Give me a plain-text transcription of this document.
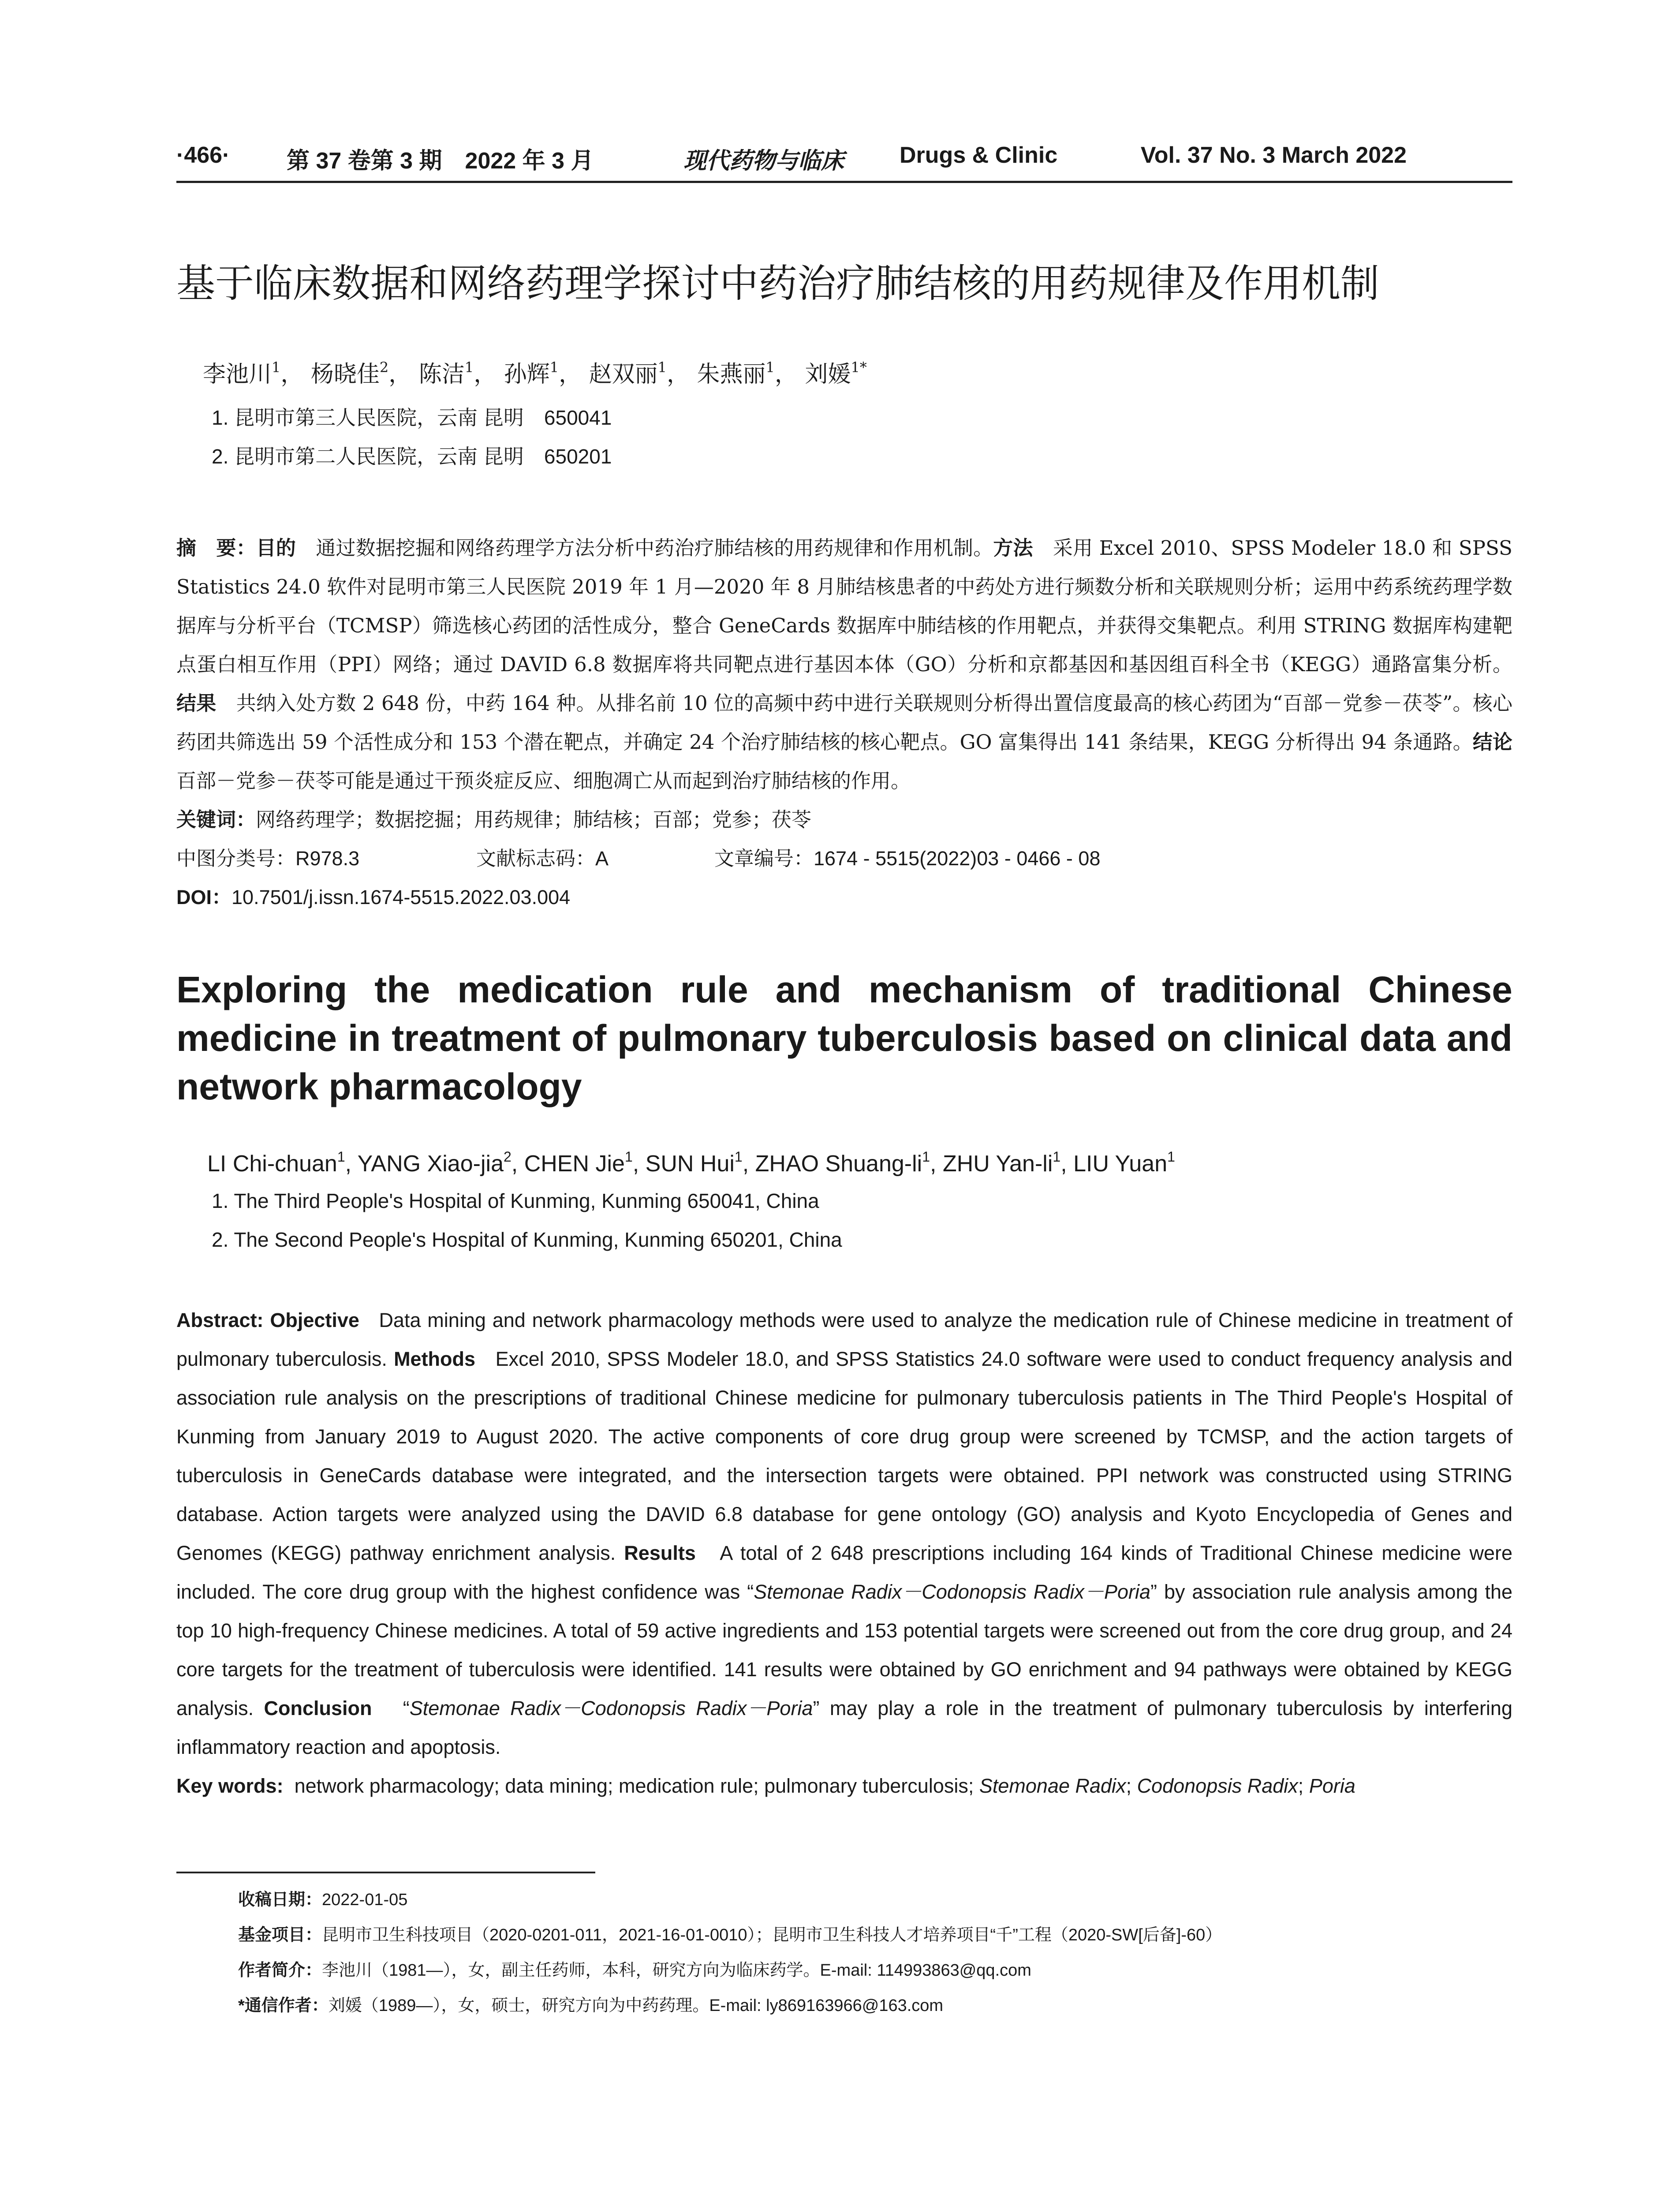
·466· 第 37 卷第 3 期　2022 年 3 月	现代药物与临床 Drugs & Clinic	Vol. 37 No. 3 March 2022
基于临床数据和网络药理学探讨中药治疗肺结核的用药规律及作用机制
李池川$^1$， 杨晓佳$^2$， 陈洁$^1$， 孙辉$^1$， 赵双丽$^1$， 朱燕丽$^1$， 刘媛$^{1*}$
1. 昆明市第三人民医院，云南 昆明　650041
2. 昆明市第二人民医院，云南 昆明　650201
摘　要：目的　 通过数据挖掘和网络药理学方法分析中药治疗肺结核的用药规律和作用机制。方法　 采用 Excel 2010、SPSS Modeler 18.0 和 SPSS Statistics 24.0 软件对昆明市第三人民医院 2019 年 1 月—2020 年 8 月肺结核患者的中药处方进行频数分析和关联规则分析；运用中药系统药理学数据库与分析平台（TCMSP）筛选核心药团的活性成分，整合 GeneCards 数据库中肺结核的作用靶点，并获得交集靶点。利用 STRING 数据库构建靶点蛋白相互作用（PPI）网络；通过 DAVID 6.8 数据库将共同靶点进行基因本体（GO）分析和京都基因和基因组百科全书（KEGG）通路富集分析。结果　 共纳入处方数 2 648 份，中药 164 种。从排名前 10 位的高频中药中进行关联规则分析得出置信度最高的核心药团为“百部－党参－茯苓”。核心药团共筛选出 59 个活性成分和 153 个潜在靶点，并确定 24 个治疗肺结核的核心靶点。GO 富集得出 141 条结果，KEGG 分析得出 94 条通路。结论　百部－党参－茯苓可能是通过干预炎症反应、细胞凋亡从而起到治疗肺结核的作用。
关键词：网络药理学；数据挖掘；用药规律；肺结核；百部；党参；茯苓
中图分类号：R978.3	文献标志码：A	文章编号：1674 - 5515(2022)03 - 0466 - 08
DOI：10.7501/j.issn.1674-5515.2022.03.004
Exploring the medication rule and mechanism of traditional Chinese medicine in treatment of pulmonary tuberculosis based on clinical data and network pharmacology
LI Chi-chuan$^1$, YANG Xiao-jia$^2$, CHEN Jie$^1$, SUN Hui$^1$, ZHAO Shuang-$li^1$, ZHU Yan-$li^1$, LIU Yuan$^1$
1. The Third People's Hospital of Kunming, Kunming 650041, China
2. The Second People's Hospital of Kunming, Kunming 650201, China
Abstract: Objective Data mining and network pharmacology methods were used to analyze the medication rule of Chinese medicine in treatment of pulmonary tuberculosis. Methods Excel 2010, SPSS Modeler 18.0, and SPSS Statistics 24.0 software were used to conduct frequency analysis and association rule analysis on the prescriptions of traditional Chinese medicine for pulmonary tuberculosis patients in The Third People's Hospital of Kunming from January 2019 to August 2020. The active components of core drug group were screened by TCMSP, and the action targets of tuberculosis in GeneCards database were integrated, and the intersection targets were obtained. PPI network was constructed using STRING database. Action targets were analyzed using the DAVID 6.8 database for gene ontology (GO) analysis and Kyoto Encyclopedia of Genes and Genomes (KEGG) pathway enrichment analysis. Results A total of 2 648 prescriptions including 164 kinds of Traditional Chinese medicine were included. The core drug group with the highest confidence was “Stemonae Radix－Codonopsis Radix－Poria” by association rule analysis among the top 10 high-frequency Chinese medicines. A total of 59 active ingredients and 153 potential targets were screened out from the core drug group, and 24 core targets for the treatment of tuberculosis were identified. 141 results were obtained by GO enrichment and 94 pathways were obtained by KEGG analysis. Conclusion “Stemonae Radix－Codonopsis Radix－Poria” may play a role in the treatment of pulmonary tuberculosis by interfering inflammatory reaction and apoptosis.
Key words: network pharmacology; data mining; medication rule; pulmonary tuberculosis; Stemonae Radix; Codonopsis Radix; Poria
收稿日期：2022-01-05
基金项目：昆明市卫生科技项目（2020-0201-011，2021-16-01-0010）；昆明市卫生科技人才培养项目“千”工程（2020-SW[后备]-60）
作者简介：李池川（1981—），女，副主任药师，本科，研究方向为临床药学。E-mail: 114993863@qq.com
*通信作者：刘媛（1989—），女，硕士，研究方向为中药药理。E-mail: ly869163966@163.com
